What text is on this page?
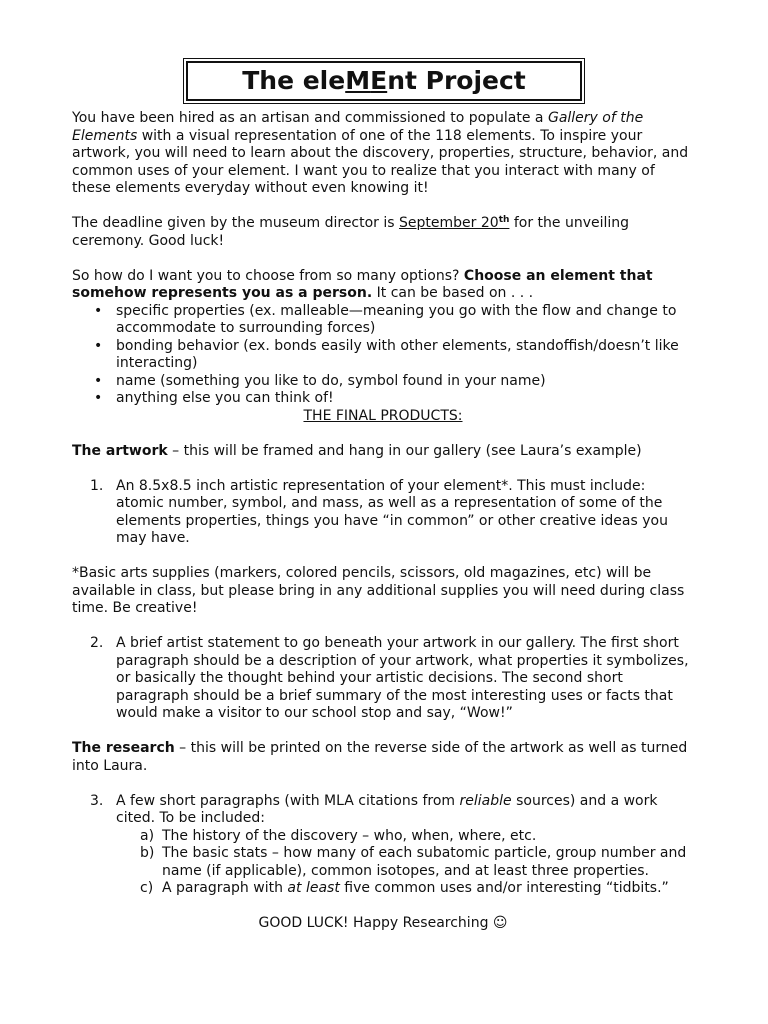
The eleMEnt Project

You have been hired as an artisan and commissioned to populate a Gallery of the Elements with a visual representation of one of the 118 elements. To inspire your artwork, you will need to learn about the discovery, properties, structure, behavior, and common uses of your element. I want you to realize that you interact with many of these elements everyday without even knowing it!

The deadline given by the museum director is September 20th for the unveiling ceremony. Good luck!

So how do I want you to choose from so many options? Choose an element that somehow represents you as a person. It can be based on . . .

• specific properties (ex. malleable—meaning you go with the flow and change to accommodate to surrounding forces)
• bonding behavior (ex. bonds easily with other elements, standoffish/doesn’t like interacting)
• name (something you like to do, symbol found in your name)
• anything else you can think of!

THE FINAL PRODUCTS:

The artwork – this will be framed and hang in our gallery (see Laura’s example)

1. An 8.5x8.5 inch artistic representation of your element*. This must include: atomic number, symbol, and mass, as well as a representation of some of the elements properties, things you have “in common” or other creative ideas you may have.

*Basic arts supplies (markers, colored pencils, scissors, old magazines, etc) will be available in class, but please bring in any additional supplies you will need during class time. Be creative!

2. A brief artist statement to go beneath your artwork in our gallery. The first short paragraph should be a description of your artwork, what properties it symbolizes, or basically the thought behind your artistic decisions. The second short paragraph should be a brief summary of the most interesting uses or facts that would make a visitor to our school stop and say, “Wow!”

The research – this will be printed on the reverse side of the artwork as well as turned into Laura.

3. A few short paragraphs (with MLA citations from reliable sources) and a work cited. To be included:
a) The history of the discovery – who, when, where, etc.
b) The basic stats – how many of each subatomic particle, group number and name (if applicable), common isotopes, and at least three properties.
c) A paragraph with at least five common uses and/or interesting “tidbits.”

GOOD LUCK! Happy Researching ☺
